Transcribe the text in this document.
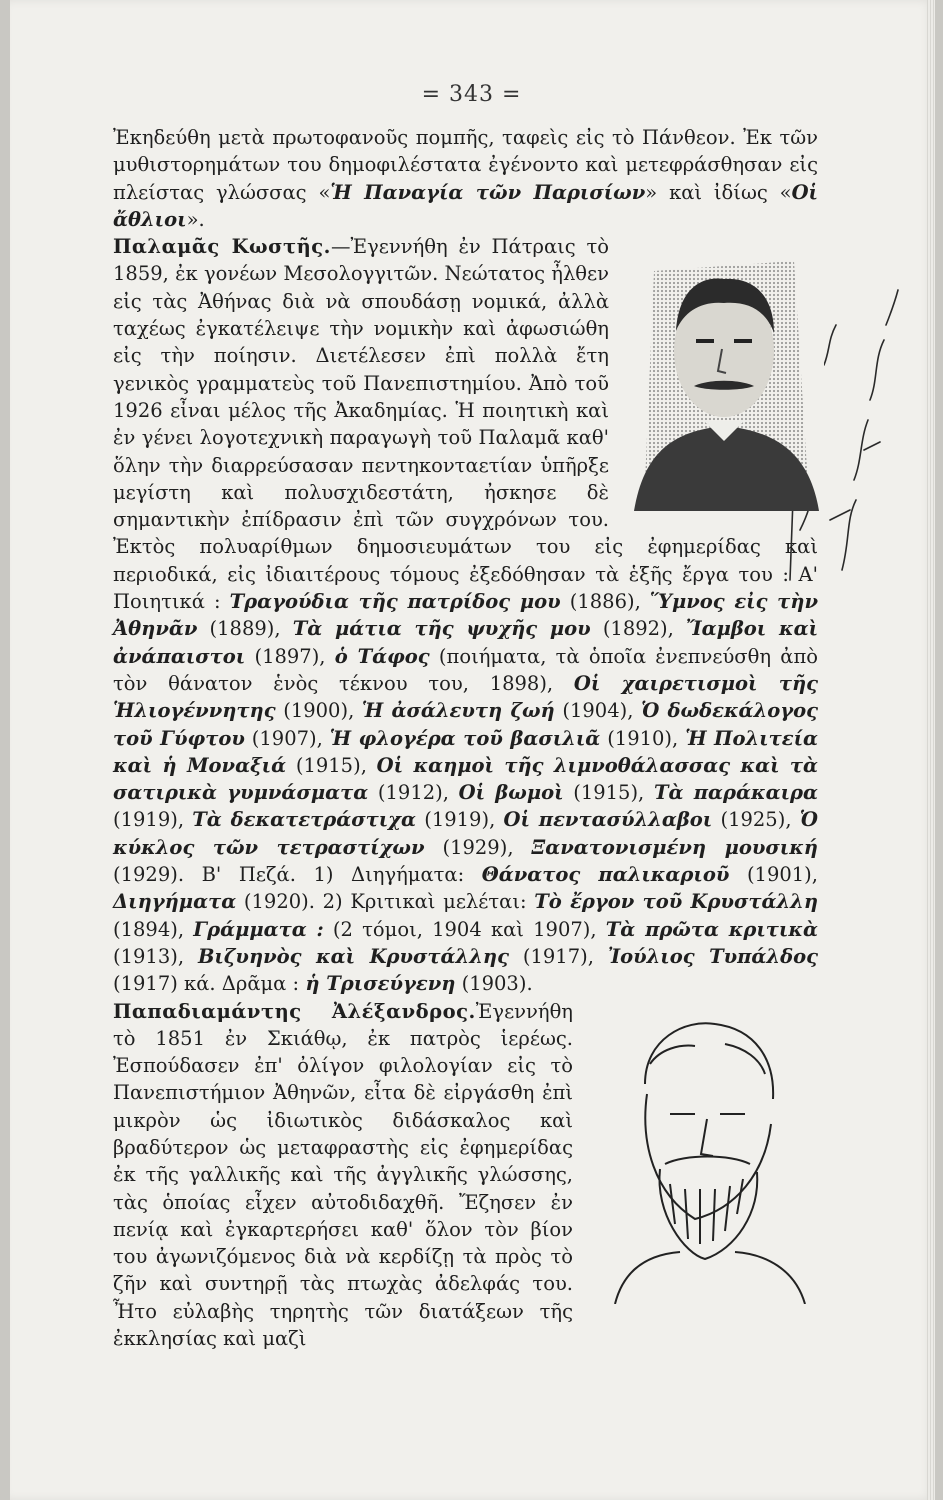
= 343 =

Ἐκηδεύθη μετὰ πρωτοφανοῦς πομπῆς, ταφεὶς εἰς τὸ Πάνθεον. Ἐκ τῶν μυθιστορημάτων του δημοφιλέστατα ἐγένοντο καὶ μετεφράσθησαν εἰς πλείστας γλώσσας «Ἡ Παναγία τῶν Παρισίων» καὶ ἰδίως «Οἱ ἄθλιοι».

Παλαμᾶς Κωστῆς.—Ἐγεννήθη ἐν Πάτραις τὸ 1859, ἐκ γονέων Μεσολογγιτῶν. Νεώτατος ἦλθεν εἰς τὰς Ἀθήνας διὰ νὰ σπουδάσῃ νομικά, ἀλλὰ ταχέως ἐγκατέλειψε τὴν νομικὴν καὶ ἀφωσιώθη εἰς τὴν ποίησιν. Διετέλεσεν ἐπὶ πολλὰ ἔτη γενικὸς γραμματεὺς τοῦ Πανεπιστημίου. Ἀπὸ τοῦ 1926 εἶναι μέλος τῆς Ἀκαδημίας. Ἡ ποιητικὴ καὶ ἐν γένει λογοτεχνικὴ παραγωγὴ τοῦ Παλαμᾶ καθ' ὅλην τὴν διαρρεύσασαν πεντηκονταετίαν ὑπῆρξε μεγίστη καὶ πολυσχιδεστάτη, ἠσκησε δὲ σημαντικὴν ἐπίδρασιν ἐπὶ τῶν συγχρόνων του. Ἐκτὸς πολυαρίθμων δημοσιευμάτων του εἰς ἐφημερίδας καὶ περιοδικά, εἰς ἰδιαιτέρους τόμους ἐξεδόθησαν τὰ ἑξῆς ἔργα του : Α' Ποιητικά : Τραγούδια τῆς πατρίδος μου (1886), Ὕμνος εἰς τὴν Ἀθηνᾶν (1889), Τὰ μάτια τῆς ψυχῆς μου (1892), Ἴαμβοι καὶ ἀνάπαιστοι (1897), ὁ Τάφος (ποιήματα, τὰ ὁποῖα ἐνεπνεύσθη ἀπὸ τὸν θάνατον ἑνὸς τέκνου του, 1898), Οἱ χαιρετισμοὶ τῆς Ἡλιογέννητης (1900), Ἡ ἀσάλευτη ζωή (1904), Ὁ δωδεκάλογος τοῦ Γύφτου (1907), Ἡ φλογέρα τοῦ βασιλιᾶ (1910), Ἡ Πολιτεία καὶ ἡ Μοναξιά (1915), Οἱ καημοὶ τῆς λιμνοθάλασσας καὶ τὰ σατιρικὰ γυμνάσματα (1912), Οἱ βωμοὶ (1915), Τὰ παράκαιρα (1919), Τὰ δεκατετράστιχα (1919), Οἱ πεντασύλλαβοι (1925), Ὁ κύκλος τῶν τετραστίχων (1929), Ξανατονισμένη μουσική (1929). Β' Πεζά. 1) Διηγήματα: Θάνατος παλικαριοῦ (1901), Διηγήματα (1920). 2) Κριτικαὶ μελέται: Τὸ ἔργον τοῦ Κρυστάλλη (1894), Γράμματα : (2 τόμοι, 1904 καὶ 1907), Τὰ πρῶτα κριτικὰ (1913), Βιζυηνὸς καὶ Κρυστάλλης (1917), Ἰούλιος Τυπάλδος (1917) κά. Δρᾶμα : ἡ Τρισεύγενη (1903).

Παπαδιαμάντης Ἀλέξανδρος.Ἐγεννήθη τὸ 1851 ἐν Σκιάθῳ, ἐκ πατρὸς ἱερέως. Ἐσπούδασεν ἐπ' ὀλίγον φιλολογίαν εἰς τὸ Πανεπιστήμιον Ἀθηνῶν, εἶτα δὲ εἰργάσθη ἐπὶ μικρὸν ὡς ἰδιωτικὸς διδάσκαλος καὶ βραδύτερον ὡς μεταφραστὴς εἰς ἐφημερίδας ἐκ τῆς γαλλικῆς καὶ τῆς ἀγγλικῆς γλώσσης, τὰς ὁποίας εἶχεν αὐτοδιδαχθῆ. Ἔζησεν ἐν πενίᾳ καὶ ἐγκαρτερήσει καθ' ὅλον τὸν βίον του ἀγωνιζόμενος διὰ νὰ κερδίζῃ τὰ πρὸς τὸ ζῆν καὶ συντηρῇ τὰς πτωχὰς ἀδελφάς του. Ἦτο εὐλαβὴς τηρητὴς τῶν διατάξεων τῆς ἐκκλησίας καὶ μαζὶ
